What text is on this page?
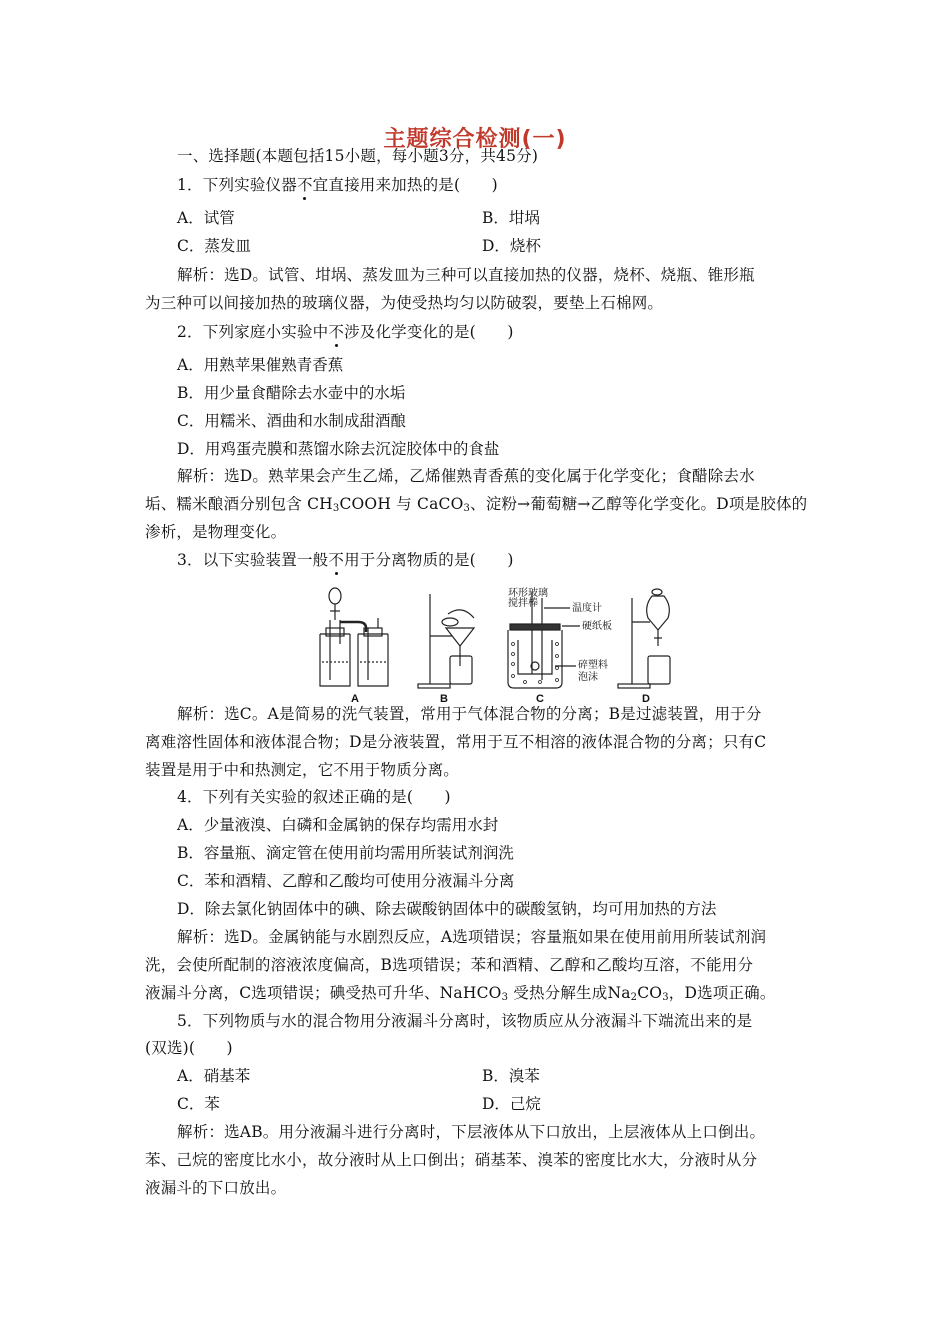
主题综合检测(一)
一、选择题(本题包括15小题，每小题3分，共45分)
1．下列实验仪器不宜直接用来加热的是(　　)
A．试管	B．坩埚
C．蒸发皿	D．烧杯
解析：选D。试管、坩埚、蒸发皿为三种可以直接加热的仪器，烧杯、烧瓶、锥形瓶
为三种可以间接加热的玻璃仪器，为使受热均匀以防破裂，要垫上石棉网。
2．下列家庭小实验中不涉及化学变化的是(　　)
A．用熟苹果催熟青香蕉
B．用少量食醋除去水壶中的水垢
C．用糯米、酒曲和水制成甜酒酿
D．用鸡蛋壳膜和蒸馏水除去沉淀胶体中的食盐
解析：选D。熟苹果会产生乙烯，乙烯催熟青香蕉的变化属于化学变化；食醋除去水
垢、糯米酿酒分别包含 $CH_3COOH$ 与 CaCO$_3$、淀粉→葡萄糖→乙醇等化学变化。D项是胶体的
渗析，是物理变化。
3．以下实验装置一般不用于分离物质的是(　　)
环形玻璃
搅拌棒	温度计
硬纸板
碎塑料
泡沫
A	B	C	D
解析：选C。A是简易的洗气装置，常用于气体混合物的分离；B是过滤装置，用于分
离难溶性固体和液体混合物；D是分液装置，常用于互不相溶的液体混合物的分离；只有C
装置是用于中和热测定，它不用于物质分离。
4．下列有关实验的叙述正确的是(　　)
A．少量液溴、白磷和金属钠的保存均需用水封
B．容量瓶、滴定管在使用前均需用所装试剂润洗
C．苯和酒精、乙醇和乙酸均可使用分液漏斗分离
D．除去氯化钠固体中的碘、除去碳酸钠固体中的碳酸氢钠，均可用加热的方法
解析：选D。金属钠能与水剧烈反应，A选项错误；容量瓶如果在使用前用所装试剂润
洗，会使所配制的溶液浓度偏高，B选项错误；苯和酒精、乙醇和乙酸均互溶，不能用分
液漏斗分离，C选项错误；碘受热可升华、NaHCO$_3$ 受热分解生成$Na_2CO_3$，D选项正确。
5．下列物质与水的混合物用分液漏斗分离时，该物质应从分液漏斗下端流出来的是
(双选)(　　)
A．硝基苯	B．溴苯
C．苯	D．己烷
解析：选AB。用分液漏斗进行分离时，下层液体从下口放出，上层液体从上口倒出。
苯、己烷的密度比水小，故分液时从上口倒出；硝基苯、溴苯的密度比水大，分液时从分
液漏斗的下口放出。
